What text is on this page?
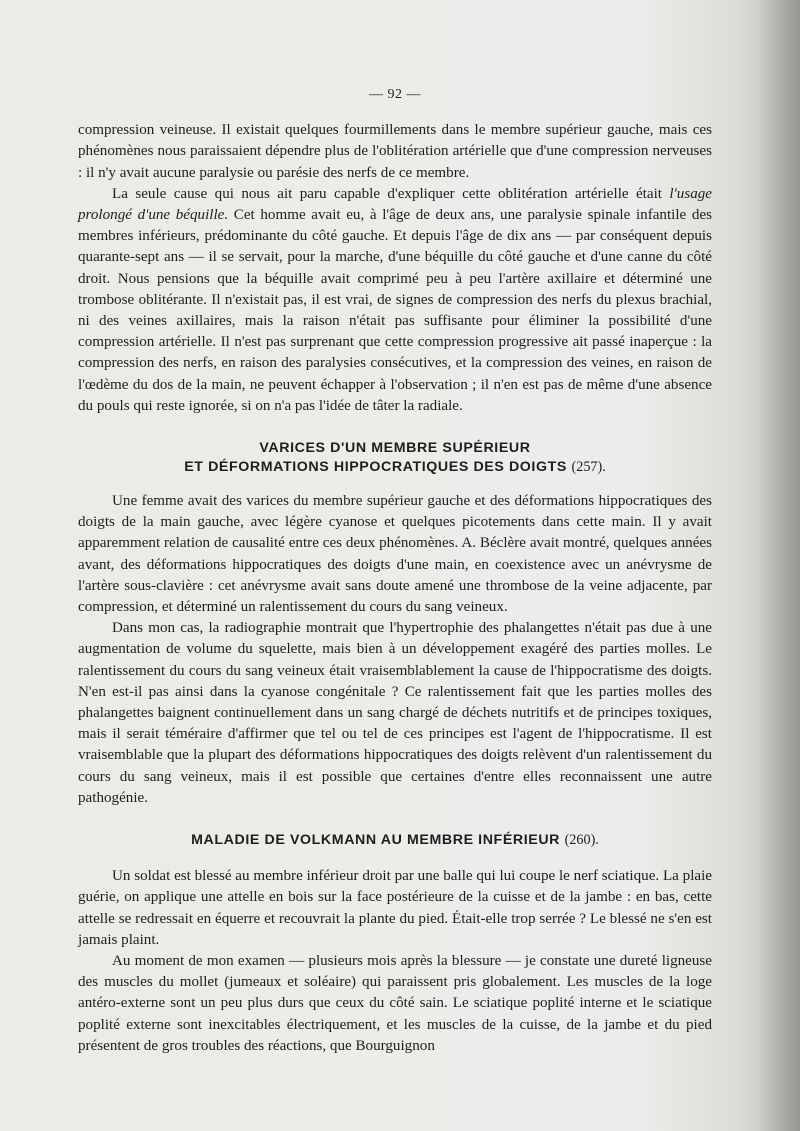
— 92 —

compression veineuse. Il existait quelques fourmillements dans le membre supérieur gauche, mais ces phénomènes nous paraissaient dépendre plus de l'oblitération artérielle que d'une compression nerveuses : il n'y avait aucune paralysie ou parésie des nerfs de ce membre.

La seule cause qui nous ait paru capable d'expliquer cette oblitération artérielle était l'usage prolongé d'une béquille. Cet homme avait eu, à l'âge de deux ans, une paralysie spinale infantile des membres inférieurs, prédominante du côté gauche. Et depuis l'âge de dix ans — par conséquent depuis quarante-sept ans — il se servait, pour la marche, d'une béquille du côté gauche et d'une canne du côté droit. Nous pensions que la béquille avait comprimé peu à peu l'artère axillaire et déterminé une trombose oblitérante. Il n'existait pas, il est vrai, de signes de compression des nerfs du plexus brachial, ni des veines axillaires, mais la raison n'était pas suffisante pour éliminer la possibilité d'une compression artérielle. Il n'est pas surprenant que cette compression progressive ait passé inaperçue : la compression des nerfs, en raison des paralysies consécutives, et la compression des veines, en raison de l'œdème du dos de la main, ne peuvent échapper à l'observation ; il n'en est pas de même d'une absence du pouls qui reste ignorée, si on n'a pas l'idée de tâter la radiale.

VARICES D'UN MEMBRE SUPÉRIEUR
ET DÉFORMATIONS HIPPOCRATIQUES DES DOIGTS (257).

Une femme avait des varices du membre supérieur gauche et des déformations hippocratiques des doigts de la main gauche, avec légère cyanose et quelques picotements dans cette main. Il y avait apparemment relation de causalité entre ces deux phénomènes. A. Béclère avait montré, quelques années avant, des déformations hippocratiques des doigts d'une main, en coexistence avec un anévrysme de l'artère sous-clavière : cet anévrysme avait sans doute amené une thrombose de la veine adjacente, par compression, et déterminé un ralentissement du cours du sang veineux.

Dans mon cas, la radiographie montrait que l'hypertrophie des phalangettes n'était pas due à une augmentation de volume du squelette, mais bien à un développement exagéré des parties molles. Le ralentissement du cours du sang veineux était vraisemblablement la cause de l'hippocratisme des doigts. N'en est-il pas ainsi dans la cyanose congénitale ? Ce ralentissement fait que les parties molles des phalangettes baignent continuellement dans un sang chargé de déchets nutritifs et de principes toxiques, mais il serait téméraire d'affirmer que tel ou tel de ces principes est l'agent de l'hippocratisme. Il est vraisemblable que la plupart des déformations hippocratiques des doigts relèvent d'un ralentissement du cours du sang veineux, mais il est possible que certaines d'entre elles reconnaissent une autre pathogénie.

MALADIE DE VOLKMANN AU MEMBRE INFÉRIEUR (260).

Un soldat est blessé au membre inférieur droit par une balle qui lui coupe le nerf sciatique. La plaie guérie, on applique une attelle en bois sur la face postérieure de la cuisse et de la jambe : en bas, cette attelle se redressait en équerre et recouvrait la plante du pied. Était-elle trop serrée ? Le blessé ne s'en est jamais plaint.

Au moment de mon examen — plusieurs mois après la blessure — je constate une dureté ligneuse des muscles du mollet (jumeaux et soléaire) qui paraissent pris globalement. Les muscles de la loge antéro-externe sont un peu plus durs que ceux du côté sain. Le sciatique poplité interne et le sciatique poplité externe sont inexcitables électriquement, et les muscles de la cuisse, de la jambe et du pied présentent de gros troubles des réactions, que Bourguignon
